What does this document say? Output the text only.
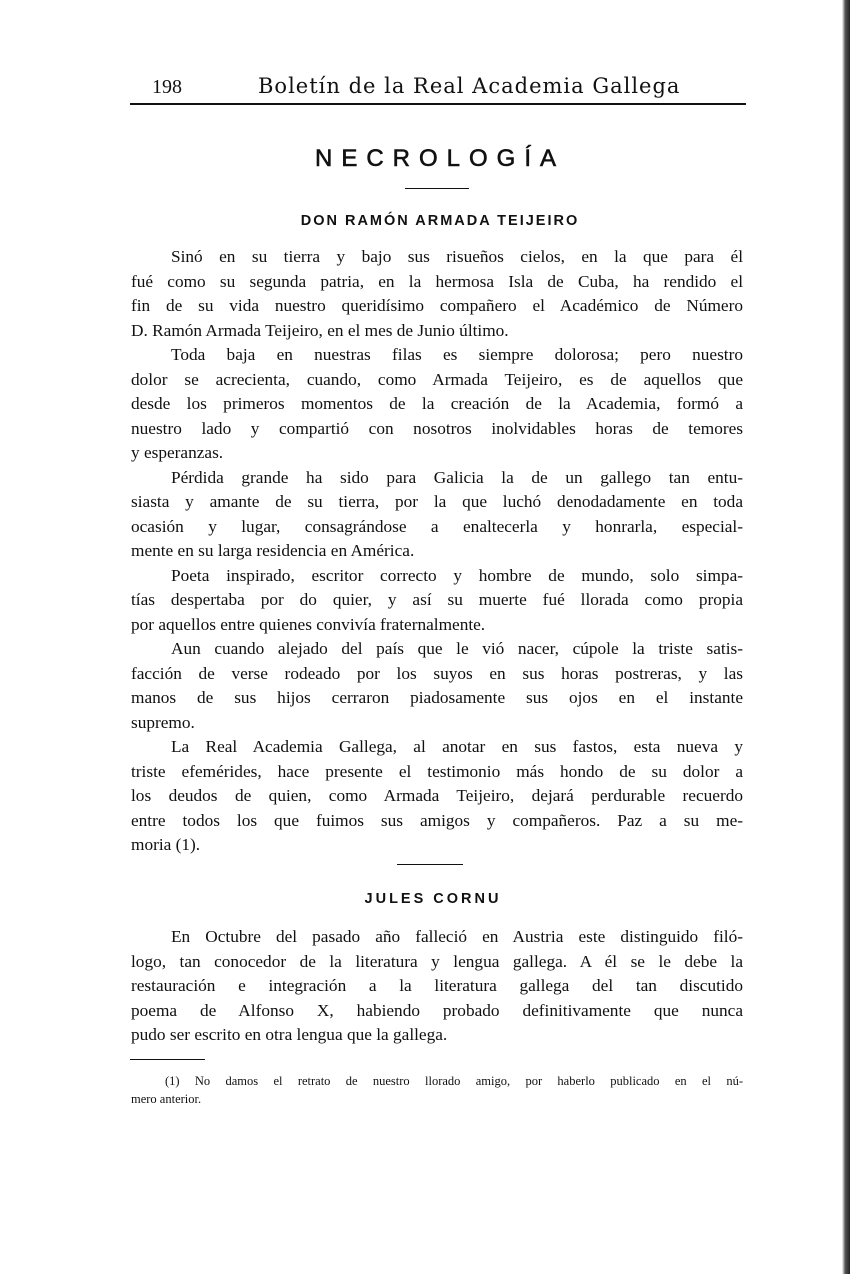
198	Boletín de la Real Academia Gallega
NECROLOGÍA
DON RAMÓN ARMADA TEIJEIRO
Sinó en su tierra y bajo sus risueños cielos, en la que para él
fué como su segunda patria, en la hermosa Isla de Cuba, ha rendido el
fin de su vida nuestro queridísimo compañero el Académico de Número
D. Ramón Armada Teijeiro, en el mes de Junio último.
Toda baja en nuestras filas es siempre dolorosa; pero nuestro
dolor se acrecienta, cuando, como Armada Teijeiro, es de aquellos que
desde los primeros momentos de la creación de la Academia, formó a
nuestro lado y compartió con nosotros inolvidables horas de temores
y esperanzas.
Pérdida grande ha sido para Galicia la de un gallego tan entu-
siasta y amante de su tierra, por la que luchó denodadamente en toda
ocasión y lugar, consagrándose a enaltecerla y honrarla, especial-
mente en su larga residencia en América.
Poeta inspirado, escritor correcto y hombre de mundo, solo simpa-
tías despertaba por do quier, y así su muerte fué llorada como propia
por aquellos entre quienes convivía fraternalmente.
Aun cuando alejado del país que le vió nacer, cúpole la triste satis-
facción de verse rodeado por los suyos en sus horas postreras, y las
manos de sus hijos cerraron piadosamente sus ojos en el instante
supremo.
La Real Academia Gallega, al anotar en sus fastos, esta nueva y
triste efemérides, hace presente el testimonio más hondo de su dolor a
los deudos de quien, como Armada Teijeiro, dejará perdurable recuerdo
entre todos los que fuimos sus amigos y compañeros. Paz a su me-
moria (1).
JULES CORNU
En Octubre del pasado año falleció en Austria este distinguido filó-
logo, tan conocedor de la literatura y lengua gallega. A él se le debe la
restauración e integración a la literatura gallega del tan discutido
poema de Alfonso X, habiendo probado definitivamente que nunca
pudo ser escrito en otra lengua que la gallega.
(1) No damos el retrato de nuestro llorado amigo, por haberlo publicado en el nú-
mero anterior.
